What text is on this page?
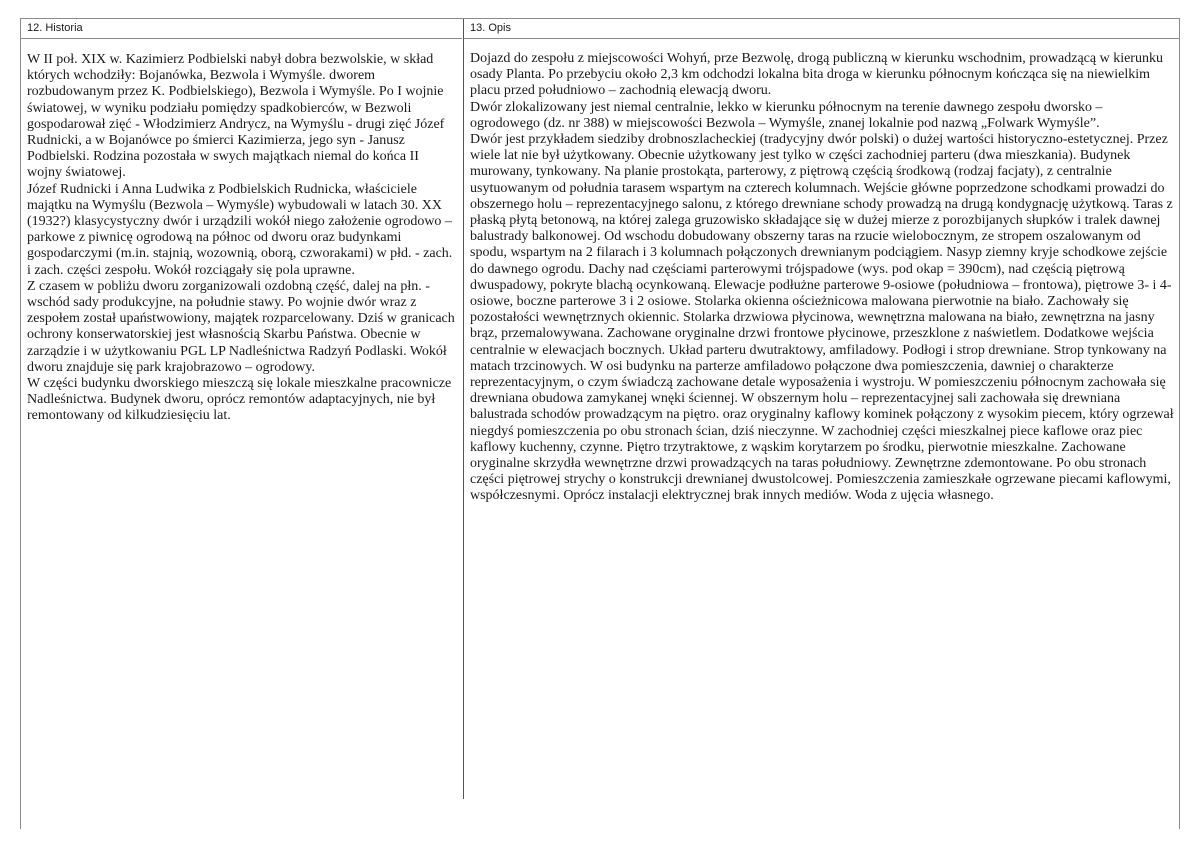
12. Historia

W II poł. XIX w. Kazimierz Podbielski nabył dobra bezwolskie, w skład których wchodziły: Bojanówka, Bezwola i Wymyśle. dworem rozbudowanym przez K. Podbielskiego), Bezwola i Wymyśle. Po I wojnie światowej, w wyniku podziału pomiędzy spadkobierców, w Bezwoli gospodarował zięć - Włodzimierz Andrycz, na Wymyślu - drugi zięć Józef Rudnicki, a w Bojanówce po śmierci Kazimierza, jego syn - Janusz Podbielski. Rodzina pozostała w swych majątkach niemal do końca II wojny światowej.

Józef Rudnicki i Anna Ludwika z Podbielskich Rudnicka, właściciele majątku na Wymyślu (Bezwola – Wymyśle) wybudowali w latach 30. XX (1932?) klasycystyczny dwór i urządzili wokół niego założenie ogrodowo – parkowe z piwnicę ogrodową na północ od dworu oraz budynkami gospodarczymi (m.in. stajnią, wozownią, oborą, czworakami) w płd. - zach. i zach. części zespołu. Wokół rozciągały się pola uprawne.

Z czasem w pobliżu dworu zorganizowali ozdobną część, dalej na płn. - wschód sady produkcyjne, na południe stawy. Po wojnie dwór wraz z zespołem został upaństwowiony, majątek rozparcelowany. Dziś w granicach ochrony konserwatorskiej jest własnością Skarbu Państwa. Obecnie w zarządzie i w użytkowaniu PGL LP Nadleśnictwa Radzyń Podlaski. Wokół dworu znajduje się park krajobrazowo – ogrodowy.

W części budynku dworskiego mieszczą się lokale mieszkalne pracownicze Nadleśnictwa. Budynek dworu, oprócz remontów adaptacyjnych, nie był remontowany od kilkudziesięciu lat.

13. Opis

Dojazd do zespołu z miejscowości Wohyń, prze Bezwolę, drogą publiczną w kierunku wschodnim, prowadzącą w kierunku osady Planta. Po przebyciu około 2,3 km odchodzi lokalna bita droga w kierunku północnym kończąca się na niewielkim placu przed południowo – zachodnią elewacją dworu.

Dwór zlokalizowany jest niemal centralnie, lekko w kierunku północnym na terenie dawnego zespołu dworsko – ogrodowego (dz. nr 388) w miejscowości Bezwola – Wymyśle, znanej lokalnie pod nazwą „Folwark Wymyśle”.

Dwór jest przykładem siedziby drobnoszlacheckiej (tradycyjny dwór polski) o dużej wartości historyczno-estetycznej. Przez wiele lat nie był użytkowany. Obecnie użytkowany jest tylko w części zachodniej parteru (dwa mieszkania). Budynek murowany, tynkowany. Na planie prostokąta, parterowy, z piętrową częścią środkową (rodzaj facjaty), z centralnie usytuowanym od południa tarasem wspartym na czterech kolumnach. Wejście główne poprzedzone schodkami prowadzi do obszernego holu – reprezentacyjnego salonu, z którego drewniane schody prowadzą na drugą kondygnację użytkową. Taras z płaską płytą betonową, na której zalega gruzowisko składające się w dużej mierze z porozbijanych słupków i tralek dawnej balustrady balkonowej. Od wschodu dobudowany obszerny taras na rzucie wielobocznym, ze stropem oszalowanym od spodu, wspartym na 2 filarach i 3 kolumnach połączonych drewnianym podciągiem. Nasyp ziemny kryje schodkowe zejście do dawnego ogrodu. Dachy nad częściami parterowymi trójspadowe (wys. pod okap = 390cm), nad częścią piętrową dwuspadowy, pokryte blachą ocynkowaną. Elewacje podłużne parterowe 9-osiowe (południowa – frontowa), piętrowe 3- i 4-osiowe, boczne parterowe 3 i 2 osiowe. Stolarka okienna ościeżnicowa malowana pierwotnie na biało. Zachowały się pozostałości wewnętrznych okiennic. Stolarka drzwiowa płycinowa, wewnętrzna malowana na biało, zewnętrzna na jasny brąz, przemalowywana. Zachowane oryginalne drzwi frontowe płycinowe, przeszklone z naświetlem. Dodatkowe wejścia centralnie w elewacjach bocznych. Układ parteru dwutraktowy, amfiladowy. Podłogi i strop drewniane. Strop tynkowany na matach trzcinowych. W osi budynku na parterze amfiladowo połączone dwa pomieszczenia, dawniej o charakterze reprezentacyjnym, o czym świadczą zachowane detale wyposażenia i wystroju. W pomieszczeniu północnym zachowała się drewniana obudowa zamykanej wnęki ściennej. W obszernym holu – reprezentacyjnej sali zachowała się drewniana balustrada schodów prowadzącym na piętro. oraz oryginalny kaflowy kominek połączony z wysokim piecem, który ogrzewał niegdyś pomieszczenia po obu stronach ścian, dziś nieczynne. W zachodniej części mieszkalnej piece kaflowe oraz piec kaflowy kuchenny, czynne. Piętro trzytraktowe, z wąskim korytarzem po środku, pierwotnie mieszkalne. Zachowane oryginalne skrzydła wewnętrzne drzwi prowadzących na taras południowy. Zewnętrzne zdemontowane. Po obu stronach części piętrowej strychy o konstrukcji drewnianej dwustolcowej. Pomieszczenia zamieszkałe ogrzewane piecami kaflowymi, współczesnymi. Oprócz instalacji elektrycznej brak innych mediów. Woda z ujęcia własnego.
